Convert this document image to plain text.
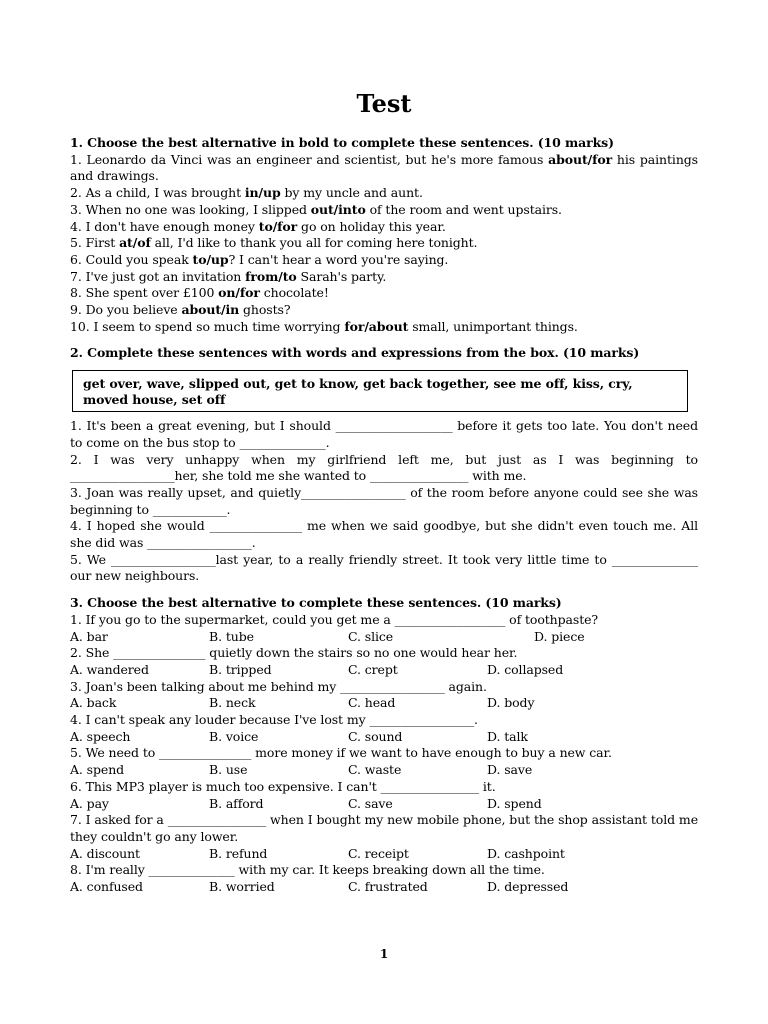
Test
1. Choose the best alternative in bold to complete these sentences. (10 marks)
1. Leonardo da Vinci was an engineer and scientist, but he's more famous about/for his paintings and drawings.
2. As a child, I was brought in/up by my uncle and aunt.
3. When no one was looking, I slipped out/into of the room and went upstairs.
4. I don't have enough money to/for go on holiday this year.
5. First at/of all, I'd like to thank you all for coming here tonight.
6. Could you speak to/up? I can't hear a word you're saying.
7. I've just got an invitation from/to Sarah's party.
8. She spent over £100 on/for chocolate!
9. Do you believe about/in ghosts?
10. I seem to spend so much time worrying for/about small, unimportant things.
2. Complete these sentences with words and expressions from the box. (10 marks)
get over, wave, slipped out, get to know, get back together, see me off, kiss, cry, moved house, set off
1. It's been a great evening, but I should ___________________ before it gets too late. You don't need to come on the bus stop to ______________.
2. I was very unhappy when my girlfriend left me, but just as I was beginning to _________________her, she told me she wanted to ________________ with me.
3. Joan was really upset, and quietly_________________ of the room before anyone could see she was beginning to ____________.
4. I hoped she would _______________ me when we said goodbye, but she didn't even touch me. All she did was _________________.
5. We _________________last year, to a really friendly street. It took very little time to ______________ our new neighbours.
3. Choose the best alternative to complete these sentences. (10 marks)
1. If you go to the supermarket, could you get me a __________________ of toothpaste?
A. bar	B. tube	C. slice	D. piece
2. She _______________ quietly down the stairs so no one would hear her.
A. wandered	B. tripped	C. crept	D. collapsed
3. Joan's been talking about me behind my _________________ again.
A. back	B. neck	C. head	D. body
4. I can't speak any louder because I've lost my _________________.
A. speech	B. voice	C. sound	D. talk
5. We need to _______________ more money if we want to have enough to buy a new car.
A. spend	B. use	C. waste	D. save
6. This MP3 player is much too expensive. I can't ________________ it.
A. pay	B. afford	C. save	D. spend
7. I asked for a ________________ when I bought my new mobile phone, but the shop assistant told me they couldn't go any lower.
A. discount	B. refund	C. receipt	D. cashpoint
8. I'm really ______________ with my car. It keeps breaking down all the time.
A. confused	B. worried	C. frustrated	D. depressed
1
